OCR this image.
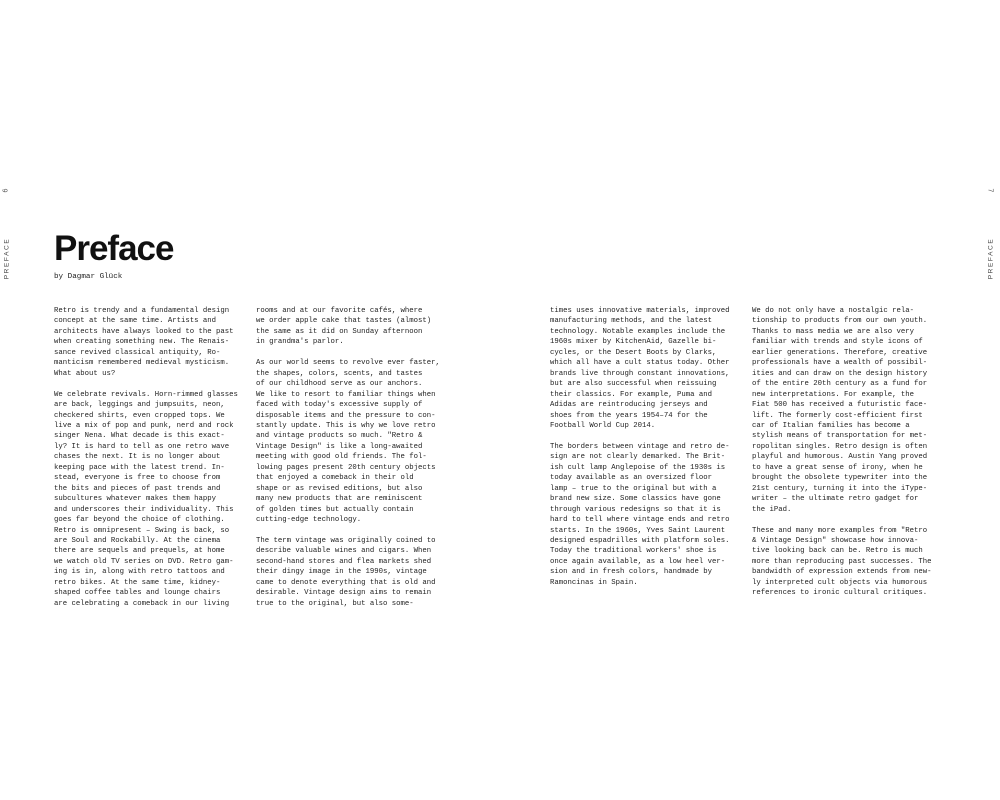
6	7
PREFACE	PREFACE
Preface

by Dagmar Glück

Retro is trendy and a fundamental design
concept at the same time. Artists and
architects have always looked to the past
when creating something new. The Renais-
sance revived classical antiquity, Ro-
manticism remembered medieval mysticism.
What about us?

We celebrate revivals. Horn-rimmed glasses
are back, leggings and jumpsuits, neon,
checkered shirts, even cropped tops. We
live a mix of pop and punk, nerd and rock
singer Nena. What decade is this exact-
ly? It is hard to tell as one retro wave
chases the next. It is no longer about
keeping pace with the latest trend. In-
stead, everyone is free to choose from
the bits and pieces of past trends and
subcultures whatever makes them happy
and underscores their individuality. This
goes far beyond the choice of clothing.
Retro is omnipresent – Swing is back, so
are Soul and Rockabilly. At the cinema
there are sequels and prequels, at home
we watch old TV series on DVD. Retro gam-
ing is in, along with retro tattoos and
retro bikes. At the same time, kidney-
shaped coffee tables and lounge chairs
are celebrating a comeback in our living

rooms and at our favorite cafés, where
we order apple cake that tastes (almost)
the same as it did on Sunday afternoon
in grandma's parlor.

As our world seems to revolve ever faster,
the shapes, colors, scents, and tastes
of our childhood serve as our anchors.
We like to resort to familiar things when
faced with today's excessive supply of
disposable items and the pressure to con-
stantly update. This is why we love retro
and vintage products so much. "Retro &
Vintage Design" is like a long-awaited
meeting with good old friends. The fol-
lowing pages present 20th century objects
that enjoyed a comeback in their old
shape or as revised editions, but also
many new products that are reminiscent
of golden times but actually contain
cutting-edge technology.

The term vintage was originally coined to
describe valuable wines and cigars. When
second-hand stores and flea markets shed
their dingy image in the 1990s, vintage
came to denote everything that is old and
desirable. Vintage design aims to remain
true to the original, but also some-

times uses innovative materials, improved
manufacturing methods, and the latest
technology. Notable examples include the
1960s mixer by KitchenAid, Gazelle bi-
cycles, or the Desert Boots by Clarks,
which all have a cult status today. Other
brands live through constant innovations,
but are also successful when reissuing
their classics. For example, Puma and
Adidas are reintroducing jerseys and
shoes from the years 1954–74 for the
Football World Cup 2014.

The borders between vintage and retro de-
sign are not clearly demarked. The Brit-
ish cult lamp Anglepoise of the 1930s is
today available as an oversized floor
lamp – true to the original but with a
brand new size. Some classics have gone
through various redesigns so that it is
hard to tell where vintage ends and retro
starts. In the 1960s, Yves Saint Laurent
designed espadrilles with platform soles.
Today the traditional workers' shoe is
once again available, as a low heel ver-
sion and in fresh colors, handmade by
Ramoncinas in Spain.

We do not only have a nostalgic rela-
tionship to products from our own youth.
Thanks to mass media we are also very
familiar with trends and style icons of
earlier generations. Therefore, creative
professionals have a wealth of possibil-
ities and can draw on the design history
of the entire 20th century as a fund for
new interpretations. For example, the
Fiat 500 has received a futuristic face-
lift. The formerly cost-efficient first
car of Italian families has become a
stylish means of transportation for met-
ropolitan singles. Retro design is often
playful and humorous. Austin Yang proved
to have a great sense of irony, when he
brought the obsolete typewriter into the
21st century, turning it into the iType-
writer – the ultimate retro gadget for
the iPad.

These and many more examples from "Retro
& Vintage Design" showcase how innova-
tive looking back can be. Retro is much
more than reproducing past successes. The
bandwidth of expression extends from new-
ly interpreted cult objects via humorous
references to ironic cultural critiques.
